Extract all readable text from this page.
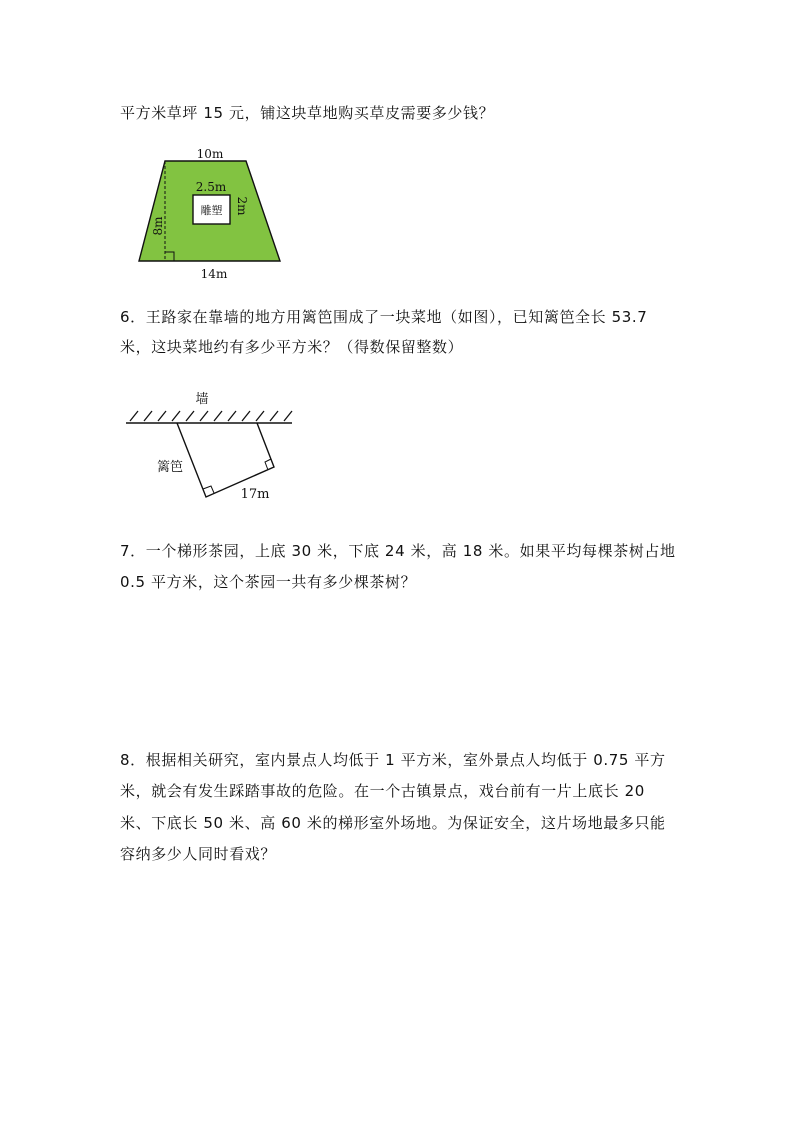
平方米草坪 15 元，铺这块草地购买草皮需要多少钱？
雕塑
10m
2.5m
2m
8m
14m
6．王路家在靠墙的地方用篱笆围成了一块菜地（如图），已知篱笆全长 53.7
米，这块菜地约有多少平方米？（得数保留整数）
墙
篱笆
17m
7．一个梯形茶园，上底 30 米，下底 24 米，高 18 米。如果平均每棵茶树占地
0.5 平方米，这个茶园一共有多少棵茶树？
8．根据相关研究，室内景点人均低于 1 平方米，室外景点人均低于 0.75 平方
米，就会有发生踩踏事故的危险。在一个古镇景点，戏台前有一片上底长 20
米、下底长 50 米、高 60 米的梯形室外场地。为保证安全，这片场地最多只能
容纳多少人同时看戏？
